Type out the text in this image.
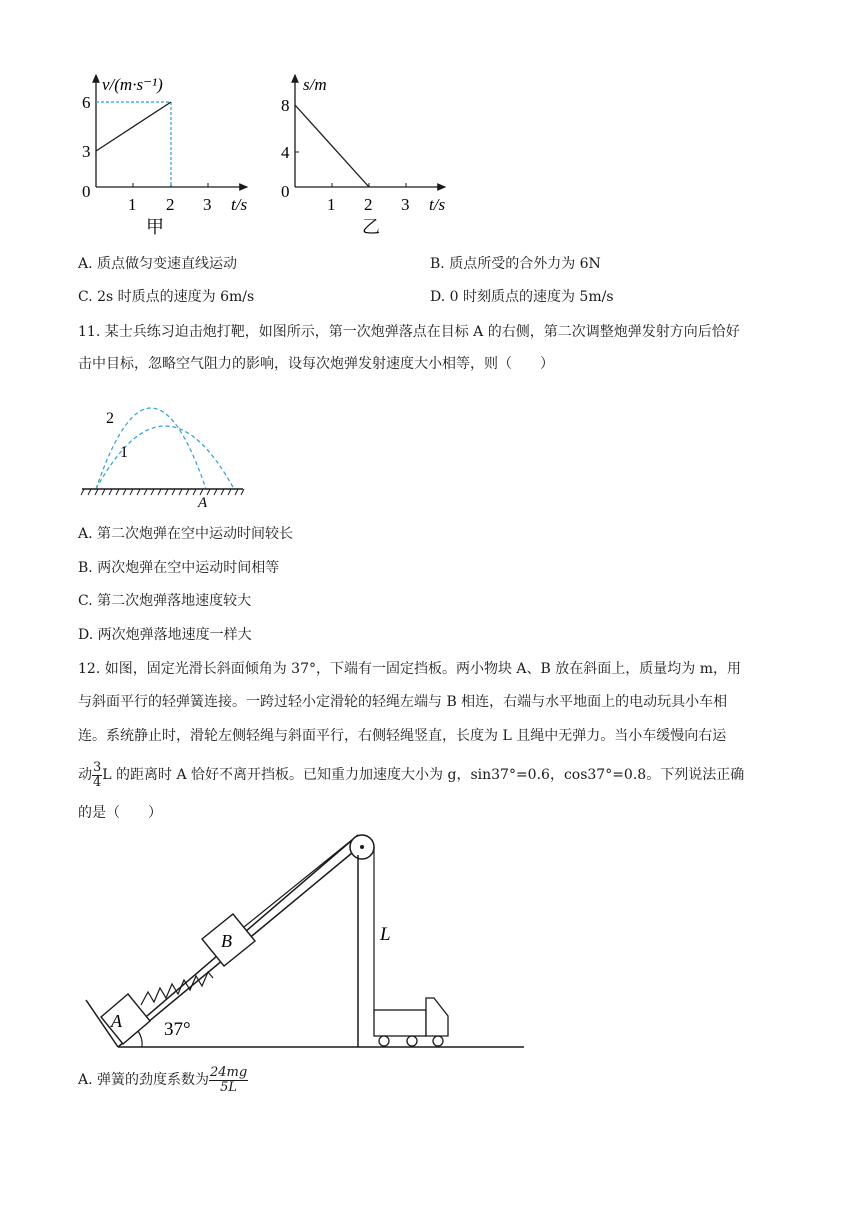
v/(m·s⁻¹)
6
3
0
1 2 3 t/s
甲
s/m
8
4
0
1 2 3 t/s
乙
A. 质点做匀变速直线运动	B. 质点所受的合外力为 6N
C. 2s 时质点的速度为 6m/s	D. 0 时刻质点的速度为 5m/s
11. 某士兵练习迫击炮打靶，如图所示，第一次炮弹落点在目标 A 的右侧，第二次调整炮弹发射方向后恰好
击中目标，忽略空气阻力的影响，设每次炮弹发射速度大小相等，则（　　）
2
1
A
A. 第二次炮弹在空中运动时间较长
B. 两次炮弹在空中运动时间相等
C. 第二次炮弹落地速度较大
D. 两次炮弹落地速度一样大
12. 如图，固定光滑长斜面倾角为 37°，下端有一固定挡板。两小物块 A、B 放在斜面上，质量均为 m，用
与斜面平行的轻弹簧连接。一跨过轻小定滑轮的轻绳左端与 B 相连，右端与水平地面上的电动玩具小车相
连。系统静止时，滑轮左侧轻绳与斜面平行，右侧轻绳竖直，长度为 L 且绳中无弹力。当小车缓慢向右运
动 $\frac{3}{4}$ L 的距离时 A 恰好不离开挡板。已知重力加速度大小为 g，sin37°=0.6，cos37°=0.8。下列说法正确
的是（　　）
A
B	L
37°
A. 弹簧的劲度系数为 $\frac{24mg}{5L}$
